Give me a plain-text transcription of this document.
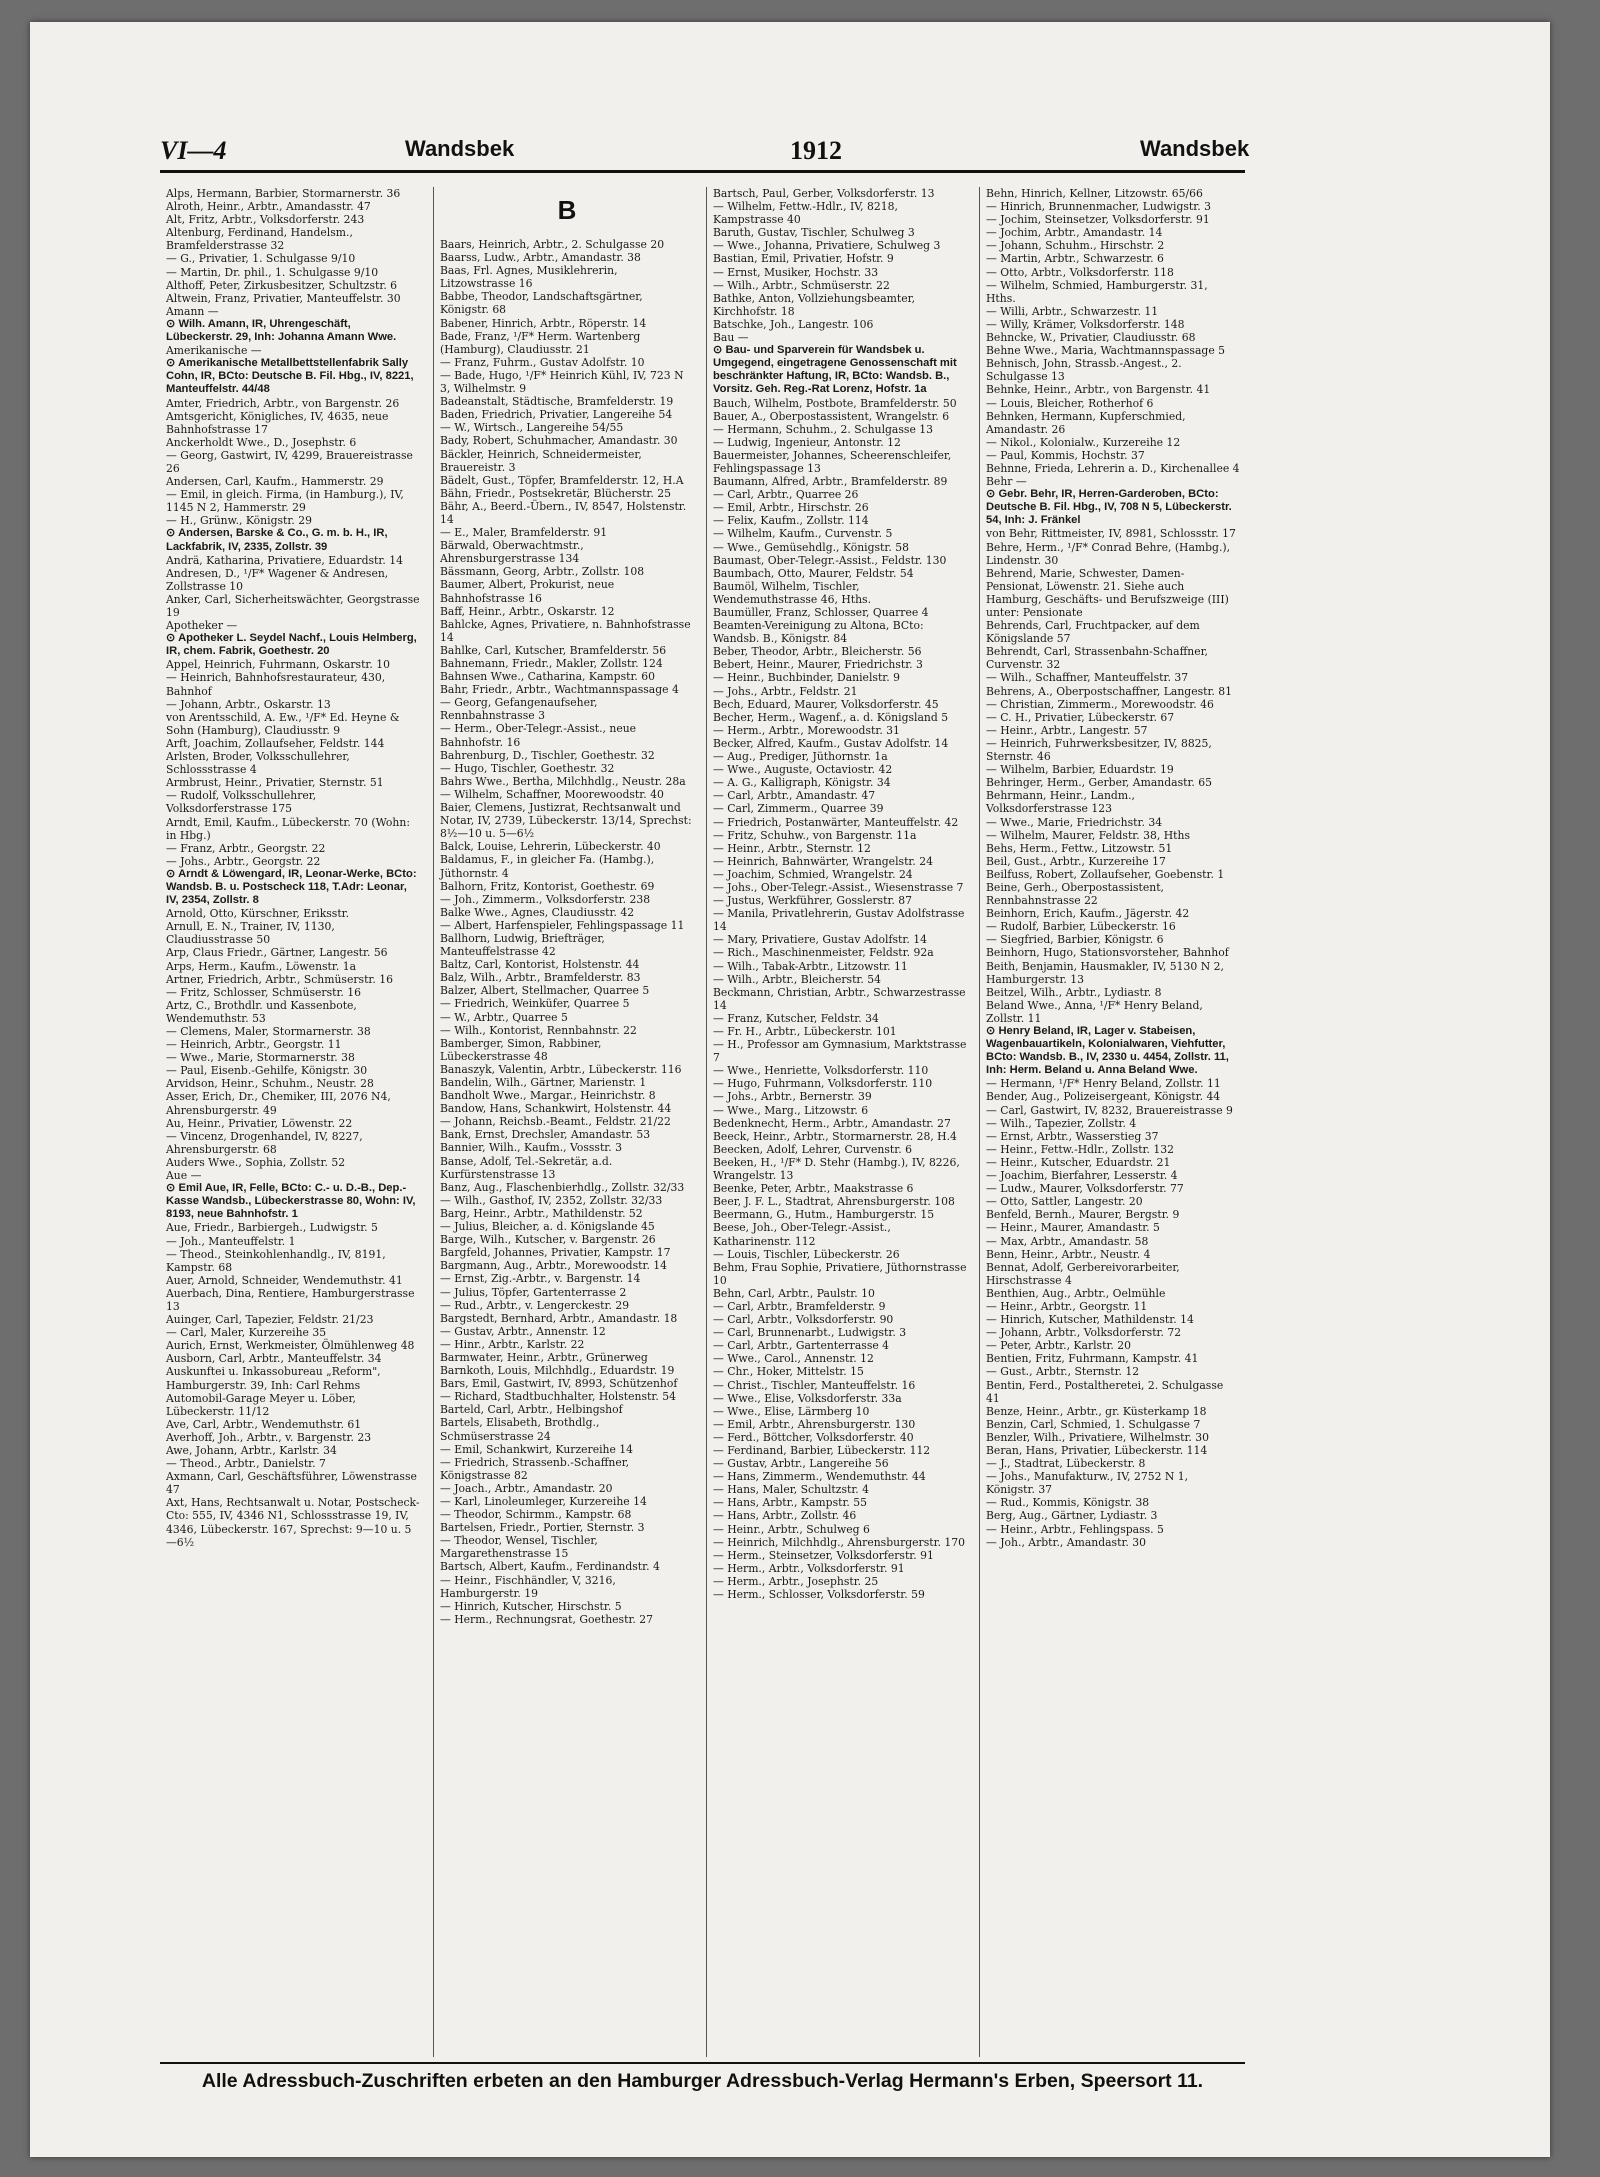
VI—4	Wandsbek	1912	Wandsbek
Alps, Hermann, Barbier, Stormarnerstr. 36
Alroth, Heinr., Arbtr., Amandasstr. 47
Alt, Fritz, Arbtr., Volksdorferstr. 243
Altenburg, Ferdinand, Handelsm., Bramfelderstrasse 32
— G., Privatier, 1. Schulgasse 9/10
— Martin, Dr. phil., 1. Schulgasse 9/10
Althoff, Peter, Zirkusbesitzer, Schultzstr. 6
Altwein, Franz, Privatier, Manteuffelstr. 30
Amann —
⊙ Wilh. Amann, IR, Uhrengeschäft, Lübeckerstr. 29, Inh: Johanna Amann Wwe.
Amerikanische —
⊙ Amerikanische Metallbettstellenfabrik Sally Cohn, IR, BCto: Deutsche B. Fil. Hbg., IV, 8221, Manteuffelstr. 44/48
Amter, Friedrich, Arbtr., von Bargenstr. 26
Amtsgericht, Königliches, IV, 4635, neue Bahnhofstrasse 17
Anckerholdt Wwe., D., Josephstr. 6
— Georg, Gastwirt, IV, 4299, Brauereistrasse 26
Andersen, Carl, Kaufm., Hammerstr. 29
— Emil, in gleich. Firma, (in Hamburg.), IV, 1145 N 2, Hammerstr. 29
— H., Grünw., Königstr. 29
⊙ Andersen, Barske & Co., G. m. b. H., IR, Lackfabrik, IV, 2335, Zollstr. 39
Andrä, Katharina, Privatiere, Eduardstr. 14
Andresen, D., ¹/F* Wagener & Andresen, Zollstrasse 10
Anker, Carl, Sicherheitswächter, Georgstrasse 19
Apotheker —
⊙ Apotheker L. Seydel Nachf., Louis Helmberg, IR, chem. Fabrik, Goethestr. 20
Appel, Heinrich, Fuhrmann, Oskarstr. 10
— Heinrich, Bahnhofsrestaurateur, 430, Bahnhof
— Johann, Arbtr., Oskarstr. 13
von Arentsschild, A. Ew., ¹/F* Ed. Heyne & Sohn (Hamburg), Claudiusstr. 9
Arft, Joachim, Zollaufseher, Feldstr. 144
Arlsten, Broder, Volksschullehrer, Schlossstrasse 4
Armbrust, Heinr., Privatier, Sternstr. 51
— Rudolf, Volksschullehrer, Volksdorferstrasse 175
Arndt, Emil, Kaufm., Lübeckerstr. 70 (Wohn: in Hbg.)
— Franz, Arbtr., Georgstr. 22
— Johs., Arbtr., Georgstr. 22
⊙ Arndt & Löwengard, IR, Leonar-Werke, BCto: Wandsb. B. u. Postscheck 118, T.Adr: Leonar, IV, 2354, Zollstr. 8
Arnold, Otto, Kürschner, Eriksstr.
Arnull, E. N., Trainer, IV, 1130, Claudiusstrasse 50
Arp, Claus Friedr., Gärtner, Langestr. 56
Arps, Herm., Kaufm., Löwenstr. 1a
Artner, Friedrich, Arbtr., Schmüserstr. 16
— Fritz, Schlosser, Schmüserstr. 16
Artz, C., Brothdlr. und Kassenbote, Wendemuthstr. 53
— Clemens, Maler, Stormarnerstr. 38
— Heinrich, Arbtr., Georgstr. 11
— Wwe., Marie, Stormarnerstr. 38
— Paul, Eisenb.-Gehilfe, Königstr. 30
Arvidson, Heinr., Schuhm., Neustr. 28
Asser, Erich, Dr., Chemiker, III, 2076 N4, Ahrensburgerstr. 49
Au, Heinr., Privatier, Löwenstr. 22
— Vincenz, Drogenhandel, IV, 8227, Ahrensburgerstr. 68
Auders Wwe., Sophia, Zollstr. 52
Aue —
⊙ Emil Aue, IR, Felle, BCto: C.- u. D.-B., Dep.-Kasse Wandsb., Lübeckerstrasse 80, Wohn: IV, 8193, neue Bahnhofstr. 1
Aue, Friedr., Barbiergeh., Ludwigstr. 5
— Joh., Manteuffelstr. 1
— Theod., Steinkohlenhandlg., IV, 8191, Kampstr. 68
Auer, Arnold, Schneider, Wendemuthstr. 41
Auerbach, Dina, Rentiere, Hamburgerstrasse 13
Auinger, Carl, Tapezier, Feldstr. 21/23
— Carl, Maler, Kurzereihe 35
Aurich, Ernst, Werkmeister, Ölmühlenweg 48
Ausborn, Carl, Arbtr., Manteuffelstr. 34
Auskunftei u. Inkassobureau „Reform", Hamburgerstr. 39, Inh: Carl Rehms
Automobil-Garage Meyer u. Löber, Lübeckerstr. 11/12
Ave, Carl, Arbtr., Wendemuthstr. 61
Averhoff, Joh., Arbtr., v. Bargenstr. 23
Awe, Johann, Arbtr., Karlstr. 34
— Theod., Arbtr., Danielstr. 7
Axmann, Carl, Geschäftsführer, Löwenstrasse 47
Axt, Hans, Rechtsanwalt u. Notar, Postscheck-Cto: 555, IV, 4346 N1, Schlossstrasse 19, IV, 4346, Lübeckerstr. 167, Sprechst: 9—10 u. 5—6½
B
Baars, Heinrich, Arbtr., 2. Schulgasse 20
Baarss, Ludw., Arbtr., Amandastr. 38
Baas, Frl. Agnes, Musiklehrerin, Litzowstrasse 16
Babbe, Theodor, Landschaftsgärtner, Königstr. 68
Babener, Hinrich, Arbtr., Röperstr. 14
Bade, Franz, ¹/F* Herm. Wartenberg (Hamburg), Claudiusstr. 21
— Franz, Fuhrm., Gustav Adolfstr. 10
— Bade, Hugo, ¹/F* Heinrich Kühl, IV, 723 N 3, Wilhelmstr. 9
Badeanstalt, Städtische, Bramfelderstr. 19
Baden, Friedrich, Privatier, Langereihe 54
— W., Wirtsch., Langereihe 54/55
Bady, Robert, Schuhmacher, Amandastr. 30
Bäckler, Heinrich, Schneidermeister, Brauereistr. 3
Bädelt, Gust., Töpfer, Bramfelderstr. 12, H.A
Bähn, Friedr., Postsekretär, Blücherstr. 25
Bähr, A., Beerd.-Übern., IV, 8547, Holstenstr. 14
— E., Maler, Bramfelderstr. 91
Bärwald, Oberwachtmstr., Ahrensburgerstrasse 134
Bässmann, Georg, Arbtr., Zollstr. 108
Baumer, Albert, Prokurist, neue Bahnhofstrasse 16
Baff, Heinr., Arbtr., Oskarstr. 12
Bahlcke, Agnes, Privatiere, n. Bahnhofstrasse 14
Bahlke, Carl, Kutscher, Bramfelderstr. 56
Bahnemann, Friedr., Makler, Zollstr. 124
Bahnsen Wwe., Catharina, Kampstr. 60
Bahr, Friedr., Arbtr., Wachtmannspassage 4
— Georg, Gefangenaufseher, Rennbahnstrasse 3
— Herm., Ober-Telegr.-Assist., neue Bahnhofstr. 16
Bahrenburg, D., Tischler, Goethestr. 32
— Hugo, Tischler, Goethestr. 32
Bahrs Wwe., Bertha, Milchhdlg., Neustr. 28a
— Wilhelm, Schaffner, Moorewoodstr. 40
Baier, Clemens, Justizrat, Rechtsanwalt und Notar, IV, 2739, Lübeckerstr. 13/14, Sprechst: 8½—10 u. 5—6½
Balck, Louise, Lehrerin, Lübeckerstr. 40
Baldamus, F., in gleicher Fa. (Hambg.), Jüthornstr. 4
Balhorn, Fritz, Kontorist, Goethestr. 69
— Joh., Zimmerm., Volksdorferstr. 238
Balke Wwe., Agnes, Claudiusstr. 42
— Albert, Harfenspieler, Fehlingspassage 11
Ballhorn, Ludwig, Briefträger, Manteuffelstrasse 42
Baltz, Carl, Kontorist, Holstenstr. 44
Balz, Wilh., Arbtr., Bramfelderstr. 83
Balzer, Albert, Stellmacher, Quarree 5
— Friedrich, Weinküfer, Quarree 5
— W., Arbtr., Quarree 5
— Wilh., Kontorist, Rennbahnstr. 22
Bamberger, Simon, Rabbiner, Lübeckerstrasse 48
Banaszyk, Valentin, Arbtr., Lübeckerstr. 116
Bandelin, Wilh., Gärtner, Marienstr. 1
Bandholt Wwe., Margar., Heinrichstr. 8
Bandow, Hans, Schankwirt, Holstenstr. 44
— Johann, Reichsb.-Beamt., Feldstr. 21/22
Bank, Ernst, Drechsler, Amandastr. 53
Bannier, Wilh., Kaufm., Vossstr. 3
Banse, Adolf, Tel.-Sekretär, a.d. Kurfürstenstrasse 13
Banz, Aug., Flaschenbierhdlg., Zollstr. 32/33
— Wilh., Gasthof, IV, 2352, Zollstr. 32/33
Barg, Heinr., Arbtr., Mathildenstr. 52
— Julius, Bleicher, a. d. Königslande 45
Barge, Wilh., Kutscher, v. Bargenstr. 26
Bargfeld, Johannes, Privatier, Kampstr. 17
Bargmann, Aug., Arbtr., Morewoodstr. 14
— Ernst, Zig.-Arbtr., v. Bargenstr. 14
— Julius, Töpfer, Gartenterrasse 2
— Rud., Arbtr., v. Lengerckestr. 29
Bargstedt, Bernhard, Arbtr., Amandastr. 18
— Gustav, Arbtr., Annenstr. 12
— Hinr., Arbtr., Karlstr. 22
Barmwater, Heinr., Arbtr., Grünerweg
Barnkoth, Louis, Milchhdlg., Eduardstr. 19
Bars, Emil, Gastwirt, IV, 8993, Schützenhof
— Richard, Stadtbuchhalter, Holstenstr. 54
Barteld, Carl, Arbtr., Helbingshof
Bartels, Elisabeth, Brothdlg., Schmüserstrasse 24
— Emil, Schankwirt, Kurzereihe 14
— Friedrich, Strassenb.-Schaffner, Königstrasse 82
— Joach., Arbtr., Amandastr. 20
— Karl, Linoleumleger, Kurzereihe 14
— Theodor, Schirmm., Kampstr. 68
Bartelsen, Friedr., Portier, Sternstr. 3
— Theodor, Wensel, Tischler, Margarethenstrasse 15
Bartsch, Albert, Kaufm., Ferdinandstr. 4
— Heinr., Fischhändler, V, 3216, Hamburgerstr. 19
— Hinrich, Kutscher, Hirschstr. 5
— Herm., Rechnungsrat, Goethestr. 27
Bartsch, Paul, Gerber, Volksdorferstr. 13
— Wilhelm, Fettw.-Hdlr., IV, 8218, Kampstrasse 40
Baruth, Gustav, Tischler, Schulweg 3
— Wwe., Johanna, Privatiere, Schulweg 3
Bastian, Emil, Privatier, Hofstr. 9
— Ernst, Musiker, Hochstr. 33
— Wilh., Arbtr., Schmüserstr. 22
Bathke, Anton, Vollziehungsbeamter, Kirchhofstr. 18
Batschke, Joh., Langestr. 106
Bau —
⊙ Bau- und Sparverein für Wandsbek u. Umgegend, eingetragene Genossenschaft mit beschränkter Haftung, IR, BCto: Wandsb. B., Vorsitz. Geh. Reg.-Rat Lorenz, Hofstr. 1a
Bauch, Wilhelm, Postbote, Bramfelderstr. 50
Bauer, A., Oberpostassistent, Wrangelstr. 6
— Hermann, Schuhm., 2. Schulgasse 13
— Ludwig, Ingenieur, Antonstr. 12
Bauermeister, Johannes, Scheerenschleifer, Fehlingspassage 13
Baumann, Alfred, Arbtr., Bramfelderstr. 89
— Carl, Arbtr., Quarree 26
— Emil, Arbtr., Hirschstr. 26
— Felix, Kaufm., Zollstr. 114
— Wilhelm, Kaufm., Curvenstr. 5
— Wwe., Gemüsehdlg., Königstr. 58
Baumast, Ober-Telegr.-Assist., Feldstr. 130
Baumbach, Otto, Maurer, Feldstr. 54
Baumöl, Wilhelm, Tischler, Wendemuthstrasse 46, Hths.
Baumüller, Franz, Schlosser, Quarree 4
Beamten-Vereinigung zu Altona, BCto: Wandsb. B., Königstr. 84
Beber, Theodor, Arbtr., Bleicherstr. 56
Bebert, Heinr., Maurer, Friedrichstr. 3
— Heinr., Buchbinder, Danielstr. 9
— Johs., Arbtr., Feldstr. 21
Bech, Eduard, Maurer, Volksdorferstr. 45
Becher, Herm., Wagenf., a. d. Königsland 5
— Herm., Arbtr., Morewoodstr. 31
Becker, Alfred, Kaufm., Gustav Adolfstr. 14
— Aug., Prediger, Jüthornstr. 1a
— Wwe., Auguste, Octaviostr. 42
— A. G., Kalligraph, Königstr. 34
— Carl, Arbtr., Amandastr. 47
— Carl, Zimmerm., Quarree 39
— Friedrich, Postanwärter, Manteuffelstr. 42
— Fritz, Schuhw., von Bargenstr. 11a
— Heinr., Arbtr., Sternstr. 12
— Heinrich, Bahnwärter, Wrangelstr. 24
— Joachim, Schmied, Wrangelstr. 24
— Johs., Ober-Telegr.-Assist., Wiesenstrasse 7
— Justus, Werkführer, Gosslerstr. 87
— Manila, Privatlehrerin, Gustav Adolfstrasse 14
— Mary, Privatiere, Gustav Adolfstr. 14
— Rich., Maschinenmeister, Feldstr. 92a
— Wilh., Tabak-Arbtr., Litzowstr. 11
— Wilh., Arbtr., Bleicherstr. 54
Beckmann, Christian, Arbtr., Schwarzestrasse 14
— Franz, Kutscher, Feldstr. 34
— Fr. H., Arbtr., Lübeckerstr. 101
— H., Professor am Gymnasium, Marktstrasse 7
— Wwe., Henriette, Volksdorferstr. 110
— Hugo, Fuhrmann, Volksdorferstr. 110
— Johs., Arbtr., Bernerstr. 39
— Wwe., Marg., Litzowstr. 6
Bedenknecht, Herm., Arbtr., Amandastr. 27
Beeck, Heinr., Arbtr., Stormarnerstr. 28, H.4
Beecken, Adolf, Lehrer, Curvenstr. 6
Beeken, H., ¹/F* D. Stehr (Hambg.), IV, 8226, Wrangelstr. 13
Beenke, Peter, Arbtr., Maakstrasse 6
Beer, J. F. L., Stadtrat, Ahrensburgerstr. 108
Beermann, G., Hutm., Hamburgerstr. 15
Beese, Joh., Ober-Telegr.-Assist., Katharinenstr. 112
— Louis, Tischler, Lübeckerstr. 26
Behm, Frau Sophie, Privatiere, Jüthornstrasse 10
Behn, Carl, Arbtr., Paulstr. 10
— Carl, Arbtr., Bramfelderstr. 9
— Carl, Arbtr., Volksdorferstr. 90
— Carl, Brunnenarbt., Ludwigstr. 3
— Carl, Arbtr., Gartenterrasse 4
— Wwe., Carol., Annenstr. 12
— Chr., Hoker, Mittelstr. 15
— Christ., Tischler, Manteuffelstr. 16
— Wwe., Elise, Volksdorferstr. 33a
— Wwe., Elise, Lärmberg 10
— Emil, Arbtr., Ahrensburgerstr. 130
— Ferd., Böttcher, Volksdorferstr. 40
— Ferdinand, Barbier, Lübeckerstr. 112
— Gustav, Arbtr., Langereihe 56
— Hans, Zimmerm., Wendemuthstr. 44
— Hans, Maler, Schultzstr. 4
— Hans, Arbtr., Kampstr. 55
— Hans, Arbtr., Zollstr. 46
— Heinr., Arbtr., Schulweg 6
— Heinrich, Milchhdlg., Ahrensburgerstr. 170
— Herm., Steinsetzer, Volksdorferstr. 91
— Herm., Arbtr., Volksdorferstr. 91
— Herm., Arbtr., Josephstr. 25
— Herm., Schlosser, Volksdorferstr. 59
Behn, Hinrich, Kellner, Litzowstr. 65/66
— Hinrich, Brunnenmacher, Ludwigstr. 3
— Jochim, Steinsetzer, Volksdorferstr. 91
— Jochim, Arbtr., Amandastr. 14
— Johann, Schuhm., Hirschstr. 2
— Martin, Arbtr., Schwarzestr. 6
— Otto, Arbtr., Volksdorferstr. 118
— Wilhelm, Schmied, Hamburgerstr. 31, Hths.
— Willi, Arbtr., Schwarzestr. 11
— Willy, Krämer, Volksdorferstr. 148
Behncke, W., Privatier, Claudiusstr. 68
Behne Wwe., Maria, Wachtmannspassage 5
Behnisch, John, Strassb.-Angest., 2. Schulgasse 13
Behnke, Heinr., Arbtr., von Bargenstr. 41
— Louis, Bleicher, Rotherhof 6
Behnken, Hermann, Kupferschmied, Amandastr. 26
— Nikol., Kolonialw., Kurzereihe 12
— Paul, Kommis, Hochstr. 37
Behnne, Frieda, Lehrerin a. D., Kirchenallee 4
Behr —
⊙ Gebr. Behr, IR, Herren-Garderoben, BCto: Deutsche B. Fil. Hbg., IV, 708 N 5, Lübeckerstr. 54, Inh: J. Fränkel
von Behr, Rittmeister, IV, 8981, Schlossstr. 17
Behre, Herm., ¹/F* Conrad Behre, (Hambg.), Lindenstr. 30
Behrend, Marie, Schwester, Damen-Pensionat, Löwenstr. 21. Siehe auch Hamburg, Geschäfts- und Berufszweige (III) unter: Pensionate
Behrends, Carl, Fruchtpacker, auf dem Königslande 57
Behrendt, Carl, Strassenbahn-Schaffner, Curvenstr. 32
— Wilh., Schaffner, Manteuffelstr. 37
Behrens, A., Oberpostschaffner, Langestr. 81
— Christian, Zimmerm., Morewoodstr. 46
— C. H., Privatier, Lübeckerstr. 67
— Heinr., Arbtr., Langestr. 57
— Heinrich, Fuhrwerksbesitzer, IV, 8825, Sternstr. 46
— Wilhelm, Barbier, Eduardstr. 19
Behringer, Herm., Gerber, Amandastr. 65
Behrmann, Heinr., Landm., Volksdorferstrasse 123
— Wwe., Marie, Friedrichstr. 34
— Wilhelm, Maurer, Feldstr. 38, Hths
Behs, Herm., Fettw., Litzowstr. 51
Beil, Gust., Arbtr., Kurzereihe 17
Beilfuss, Robert, Zollaufseher, Goebenstr. 1
Beine, Gerh., Oberpostassistent, Rennbahnstrasse 22
Beinhorn, Erich, Kaufm., Jägerstr. 42
— Rudolf, Barbier, Lübeckerstr. 16
— Siegfried, Barbier, Königstr. 6
Beinhorn, Hugo, Stationsvorsteher, Bahnhof
Beith, Benjamin, Hausmakler, IV, 5130 N 2, Hamburgerstr. 13
Beitzel, Wilh., Arbtr., Lydiastr. 8
Beland Wwe., Anna, ¹/F* Henry Beland, Zollstr. 11
⊙ Henry Beland, IR, Lager v. Stabeisen, Wagenbauartikeln, Kolonialwaren, Viehfutter, BCto: Wandsb. B., IV, 2330 u. 4454, Zollstr. 11, Inh: Herm. Beland u. Anna Beland Wwe.
— Hermann, ¹/F* Henry Beland, Zollstr. 11
Bender, Aug., Polizeisergeant, Königstr. 44
— Carl, Gastwirt, IV, 8232, Brauereistrasse 9
— Wilh., Tapezier, Zollstr. 4
— Ernst, Arbtr., Wasserstieg 37
— Heinr., Fettw.-Hdlr., Zollstr. 132
— Heinr., Kutscher, Eduardstr. 21
— Joachim, Bierfahrer, Lesserstr. 4
— Ludw., Maurer, Volksdorferstr. 77
— Otto, Sattler, Langestr. 20
Benfeld, Bernh., Maurer, Bergstr. 9
— Heinr., Maurer, Amandastr. 5
— Max, Arbtr., Amandastr. 58
Benn, Heinr., Arbtr., Neustr. 4
Bennat, Adolf, Gerbereivorarbeiter, Hirschstrasse 4
Benthien, Aug., Arbtr., Oelmühle
— Heinr., Arbtr., Georgstr. 11
— Hinrich, Kutscher, Mathildenstr. 14
— Johann, Arbtr., Volksdorferstr. 72
— Peter, Arbtr., Karlstr. 20
Bentien, Fritz, Fuhrmann, Kampstr. 41
— Gust., Arbtr., Sternstr. 12
Bentin, Ferd., Postaltheretei, 2. Schulgasse 41
Benze, Heinr., Arbtr., gr. Küsterkamp 18
Benzin, Carl, Schmied, 1. Schulgasse 7
Benzler, Wilh., Privatiere, Wilhelmstr. 30
Beran, Hans, Privatier, Lübeckerstr. 114
— J., Stadtrat, Lübeckerstr. 8
— Johs., Manufakturw., IV, 2752 N 1, Königstr. 37
— Rud., Kommis, Königstr. 38
Berg, Aug., Gärtner, Lydiastr. 3
— Heinr., Arbtr., Fehlingspass. 5
— Joh., Arbtr., Amandastr. 30
Alle Adressbuch-Zuschriften erbeten an den Hamburger Adressbuch-Verlag Hermann's Erben, Speersort 11.
